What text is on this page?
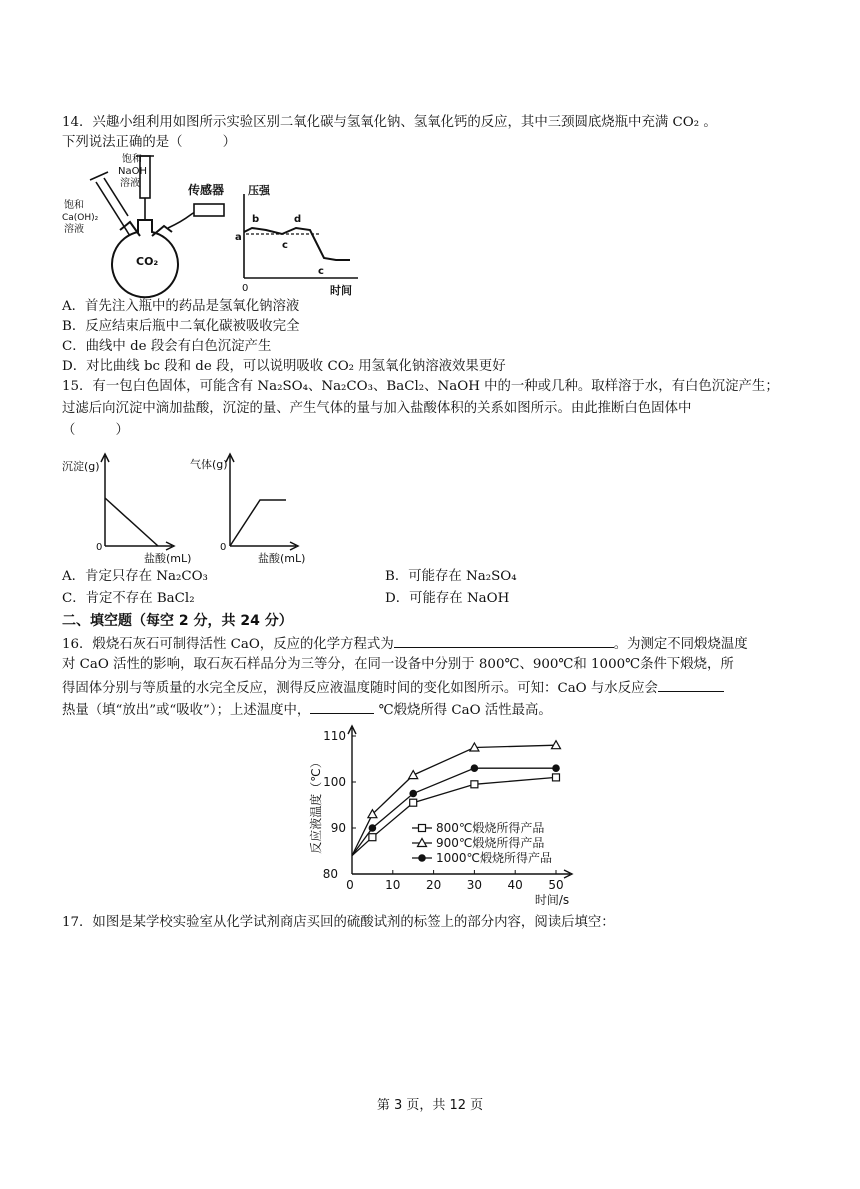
14．兴趣小组利用如图所示实验区别二氧化碳与氢氧化钠、氢氧化钙的反应，其中三颈圆底烧瓶中充满 CO₂ 。
下列说法正确的是（　　　）
传感器
饱和
NaOH
溶液
饱和
Ca(OH)₂
溶液
CO₂
压强
时间
0
a
b
c
d
c
A．首先注入瓶中的药品是氢氧化钠溶液
B．反应结束后瓶中二氧化碳被吸收完全
C．曲线中 de 段会有白色沉淀产生
D．对比曲线 bc 段和 de 段，可以说明吸收 CO₂ 用氢氧化钠溶液效果更好
15．有一包白色固体，可能含有 Na₂SO₄、Na₂CO₃、BaCl₂、NaOH 中的一种或几种。取样溶于水，有白色沉淀产生；
过滤后向沉淀中滴加盐酸，沉淀的量、产生气体的量与加入盐酸体积的关系如图所示。由此推断白色固体中
（　　　）
沉淀(g)
0
盐酸(mL)
气体(g)
0
盐酸(mL)
A．肯定只存在 Na₂CO₃	B．可能存在 Na₂SO₄
C．肯定不存在 BaCl₂	D．可能存在 NaOH
二、填空题（每空 2 分，共 24 分）
16．煅烧石灰石可制得活性 CaO，反应的化学方程式为	。为测定不同煅烧温度
对 CaO 活性的影响，取石灰石样品分为三等分，在同一设备中分别于 800℃、900℃和 1000℃条件下煅烧，所
得固体分别与等质量的水完全反应，测得反应液温度随时间的变化如图所示。可知：CaO 与水反应会
热量（填“放出”或“吸收”）；上述温度中，	℃煅烧所得 CaO 活性最高。
0	10 20 30 40 50
80
90
100
110
时间/s
反应液温度（℃）	800℃煅烧所得产品
900℃煅烧所得产品
1000℃煅烧所得产品
17．如图是某学校实验室从化学试剂商店买回的硫酸试剂的标签上的部分内容，阅读后填空：
第 3 页，共 12 页
